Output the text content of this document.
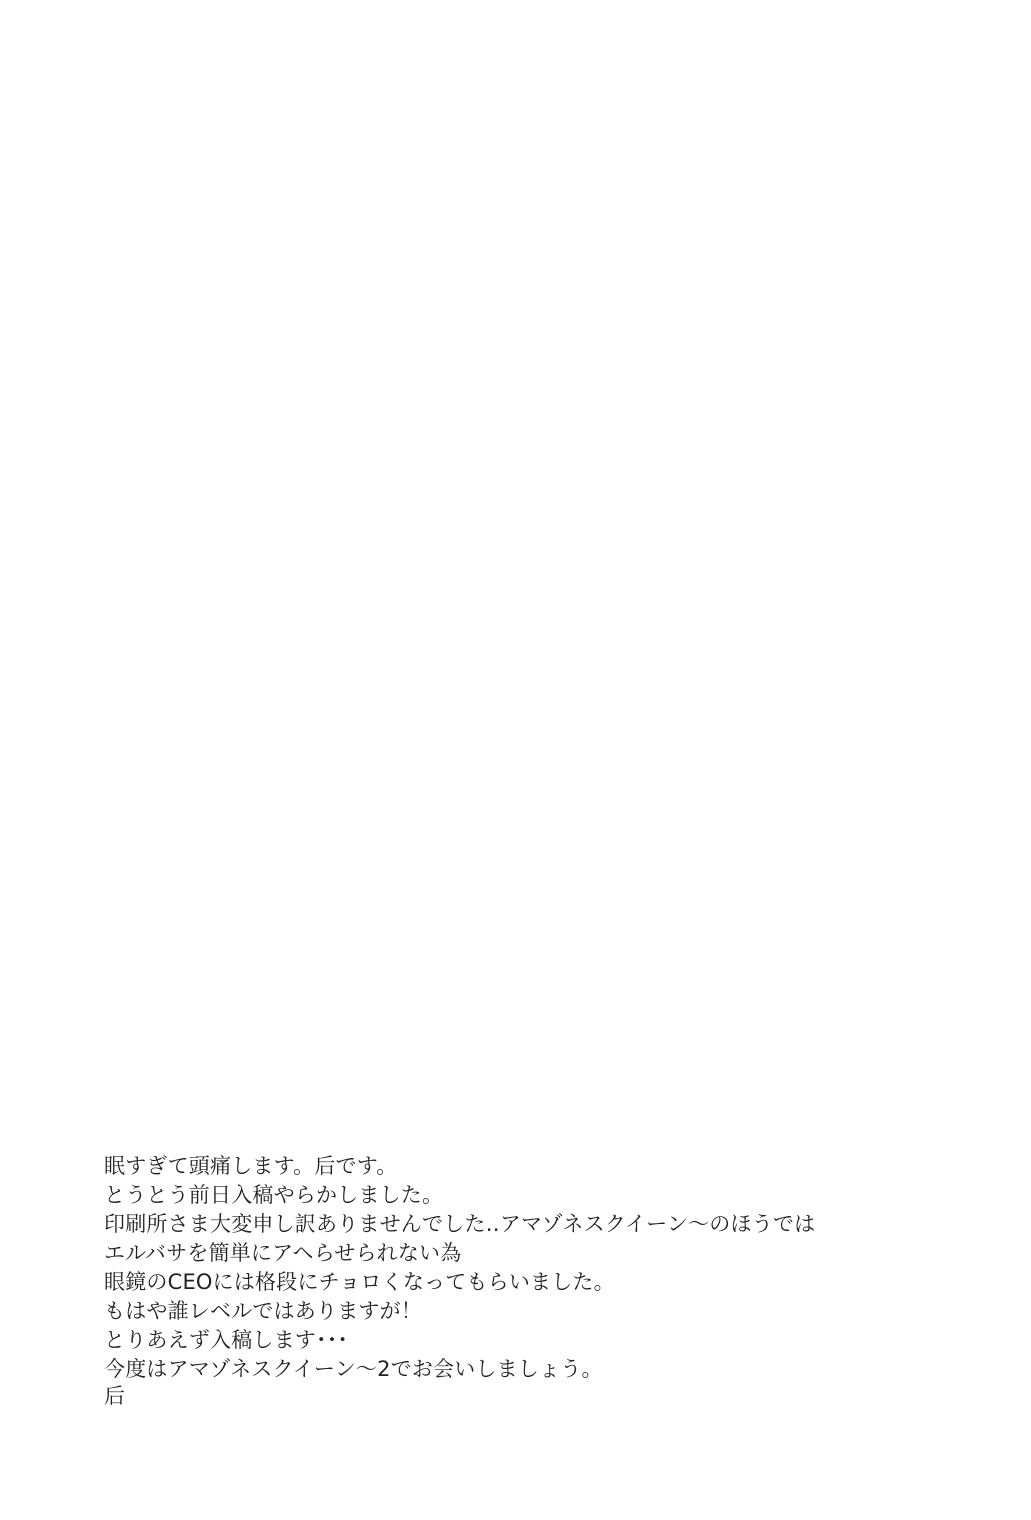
眠すぎて頭痛します。后です。

とうとう前日入稿やらかしました。

印刷所さま大変申し訳ありませんでした‥アマゾネスクイーン〜のほうでは

エルバサを簡単にアヘらせられない為

眼鏡のCEOには格段にチョロくなってもらいました。

もはや誰レベルではありますが！

とりあえず入稿します･･･

今度はアマゾネスクイーン〜2でお会いしましょう。

后
